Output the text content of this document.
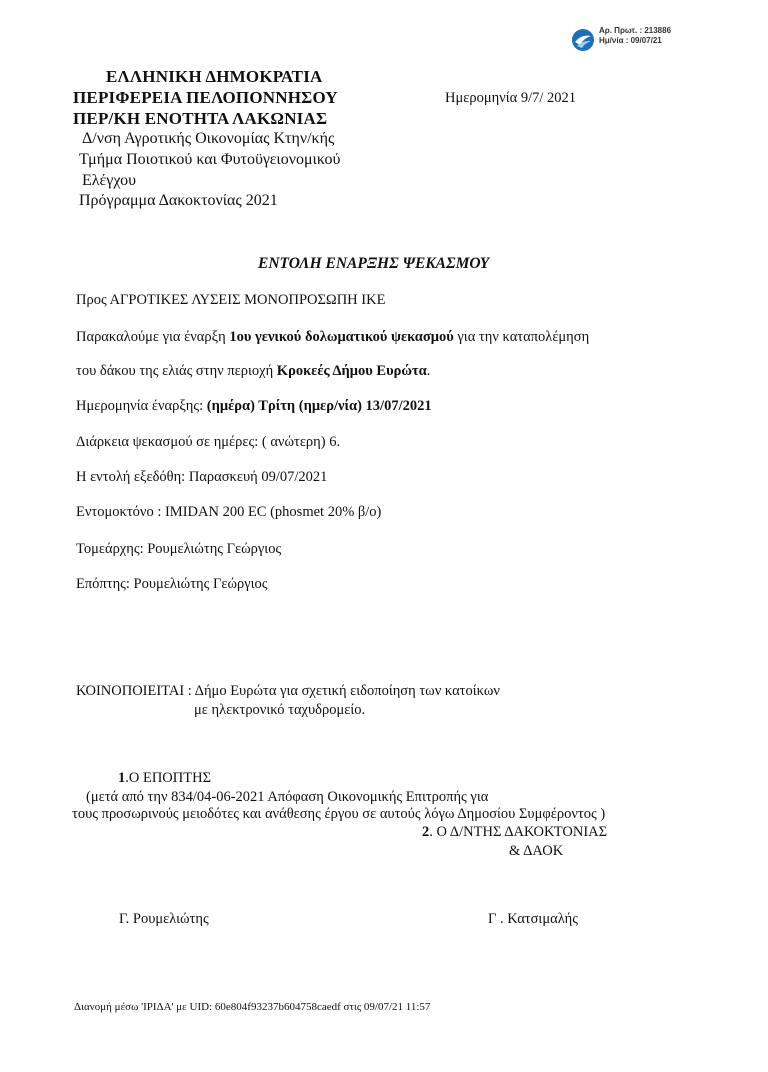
Αρ. Πρωτ. : 213886
Ημ/νία : 09/07/21
ΕΛΛΗΝΙΚΗ ΔΗΜΟΚΡΑΤΙΑ
ΠΕΡΙΦΕΡΕΙΑ ΠΕΛΟΠΟΝΝΗΣΟΥ
ΠΕΡ/ΚΗ ΕΝΟΤΗΤΑ ΛΑΚΩΝΙΑΣ
Δ/νση Αγροτικής Οικονομίας Κτην/κής
Τμήμα Ποιοτικού και Φυτοϋγειονομικού
Ελέγχου
Πρόγραμμα Δακοκτονίας 2021
Ημερομηνία 9/7/ 2021
ΕΝΤΟΛΗ ΕΝΑΡΞΗΣ ΨΕΚΑΣΜΟΥ
Προς ΑΓΡΟΤΙΚΕΣ ΛΥΣΕΙΣ ΜΟΝΟΠΡΟΣΩΠΗ ΙΚΕ
Παρακαλούμε για έναρξη 1ου γενικού δολωματικού ψεκασμού για την καταπολέμηση
του δάκου της ελιάς στην περιοχή Κροκεές Δήμου Ευρώτα.
Ημερομηνία έναρξης: (ημέρα) Τρίτη (ημερ/νία) 13/07/2021
Διάρκεια ψεκασμού σε ημέρες: ( ανώτερη) 6.
Η εντολή εξεδόθη: Παρασκευή 09/07/2021
Εντομοκτόνο : IMIDAN 200 EC (phosmet 20% β/ο)
Τομεάρχης: Ρουμελιώτης Γεώργιος
Επόπτης: Ρουμελιώτης Γεώργιος
ΚΟΙΝΟΠΟΙΕΙΤΑΙ : Δήμο Ευρώτα για σχετική ειδοποίηση των κατοίκων
με ηλεκτρονικό ταχυδρομείο.
1.Ο ΕΠΟΠΤΗΣ
(μετά από την 834/04-06-2021 Απόφαση Οικονομικής Επιτροπής για
τους προσωρινούς μειοδότες και ανάθεσης έργου σε αυτούς λόγω Δημοσίου Συμφέροντος )
2. Ο Δ/ΝΤΗΣ ΔΑΚΟΚΤΟΝΙΑΣ
& ΔΑΟΚ
Γ. Ρουμελιώτης	Γ . Κατσιμαλής
Διανομή μέσω 'ΙΡΙΔΑ' με UID: 60e804f93237b604758caedf στις 09/07/21 11:57
